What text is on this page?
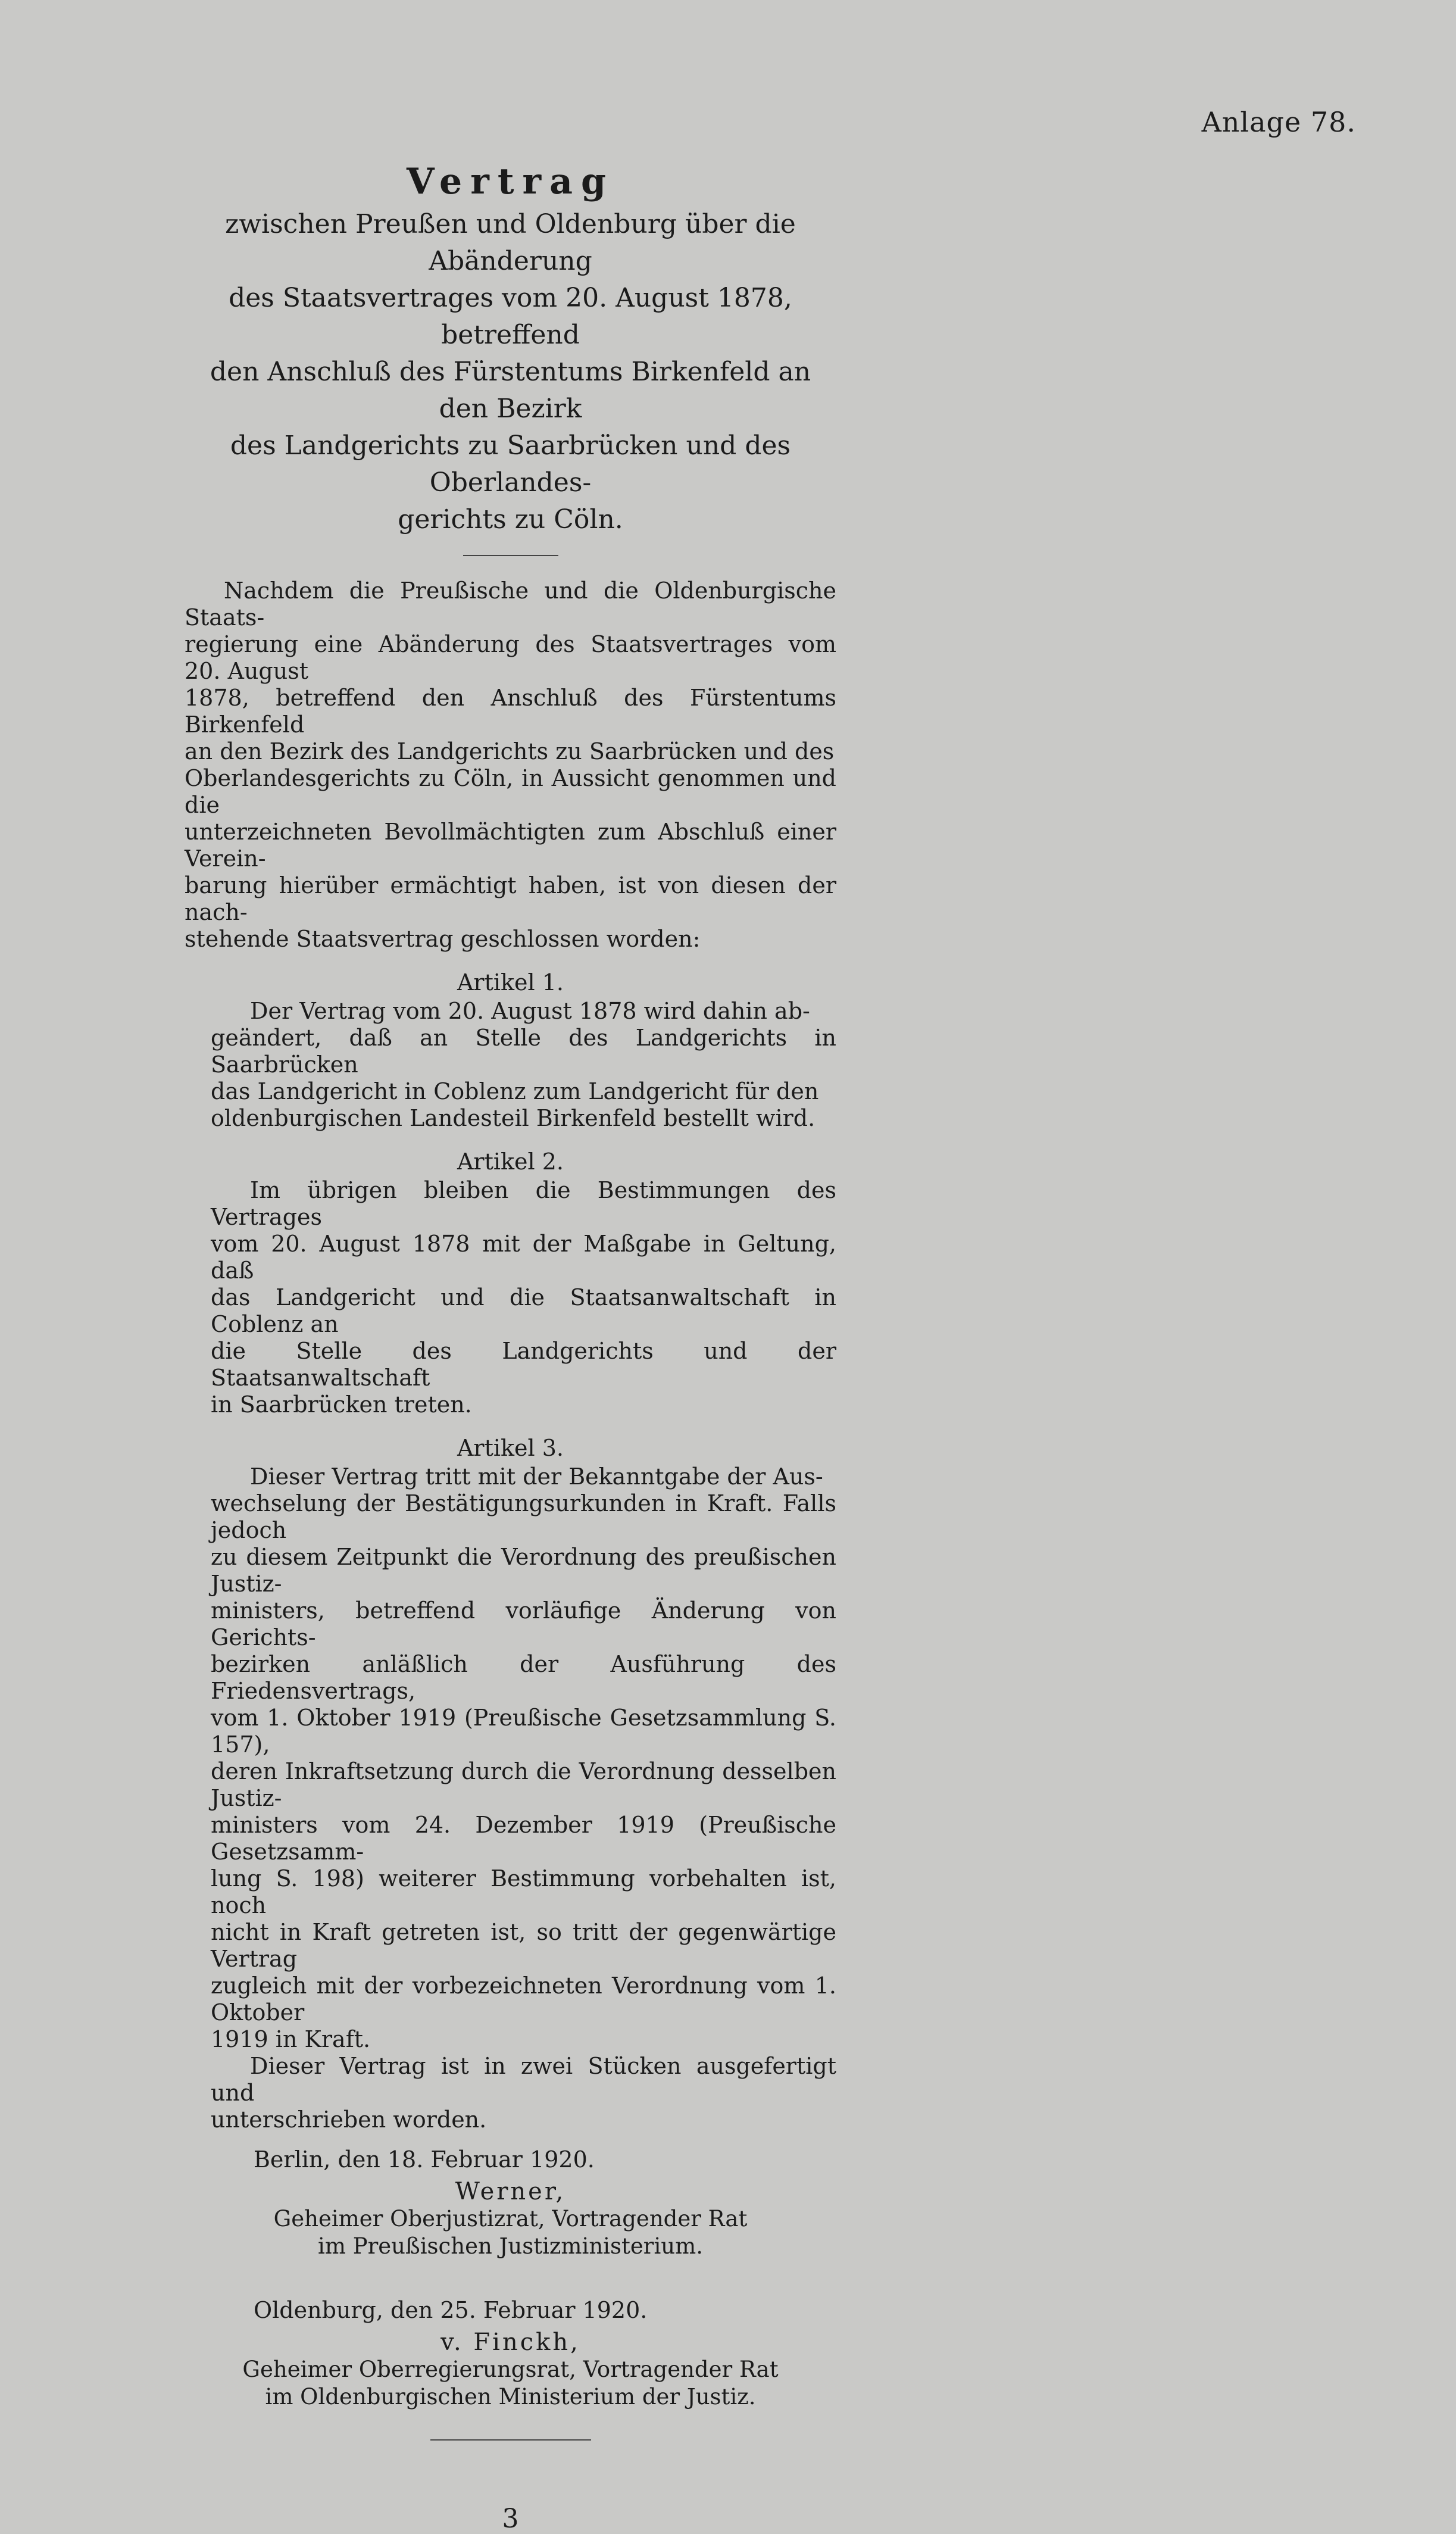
Anlage 78.

Vertrag

zwischen Preußen und Oldenburg über die Abänderung
des Staatsvertrages vom 20. August 1878, betreffend
den Anschluß des Fürstentums Birkenfeld an den Bezirk
des Landgerichts zu Saarbrücken und des Oberlandes-
gerichts zu Cöln.

Nachdem die Preußische und die Oldenburgische Staats-
regierung eine Abänderung des Staatsvertrages vom 20. August
1878, betreffend den Anschluß des Fürstentums Birkenfeld
an den Bezirk des Landgerichts zu Saarbrücken und des
Oberlandesgerichts zu Cöln, in Aussicht genommen und die
unterzeichneten Bevollmächtigten zum Abschluß einer Verein-
barung hierüber ermächtigt haben, ist von diesen der nach-
stehende Staatsvertrag geschlossen worden:

Artikel 1.

Der Vertrag vom 20. August 1878 wird dahin ab-
geändert, daß an Stelle des Landgerichts in Saarbrücken
das Landgericht in Coblenz zum Landgericht für den
oldenburgischen Landesteil Birkenfeld bestellt wird.

Artikel 2.

Im übrigen bleiben die Bestimmungen des Vertrages
vom 20. August 1878 mit der Maßgabe in Geltung, daß
das Landgericht und die Staatsanwaltschaft in Coblenz an
die Stelle des Landgerichts und der Staatsanwaltschaft
in Saarbrücken treten.

Artikel 3.

Dieser Vertrag tritt mit der Bekanntgabe der Aus-
wechselung der Bestätigungsurkunden in Kraft. Falls jedoch
zu diesem Zeitpunkt die Verordnung des preußischen Justiz-
ministers, betreffend vorläufige Änderung von Gerichts-
bezirken anläßlich der Ausführung des Friedensvertrags,
vom 1. Oktober 1919 (Preußische Gesetzsammlung S. 157),
deren Inkraftsetzung durch die Verordnung desselben Justiz-
ministers vom 24. Dezember 1919 (Preußische Gesetzsamm-
lung S. 198) weiterer Bestimmung vorbehalten ist, noch
nicht in Kraft getreten ist, so tritt der gegenwärtige Vertrag
zugleich mit der vorbezeichneten Verordnung vom 1. Oktober
1919 in Kraft.

Dieser Vertrag ist in zwei Stücken ausgefertigt und
unterschrieben worden.

Berlin, den 18. Februar 1920.

Werner,

Geheimer Oberjustizrat, Vortragender Rat
im Preußischen Justizministerium.

Oldenburg, den 25. Februar 1920.

v. Finckh,

Geheimer Oberregierungsrat, Vortragender Rat
im Oldenburgischen Ministerium der Justiz.

3
